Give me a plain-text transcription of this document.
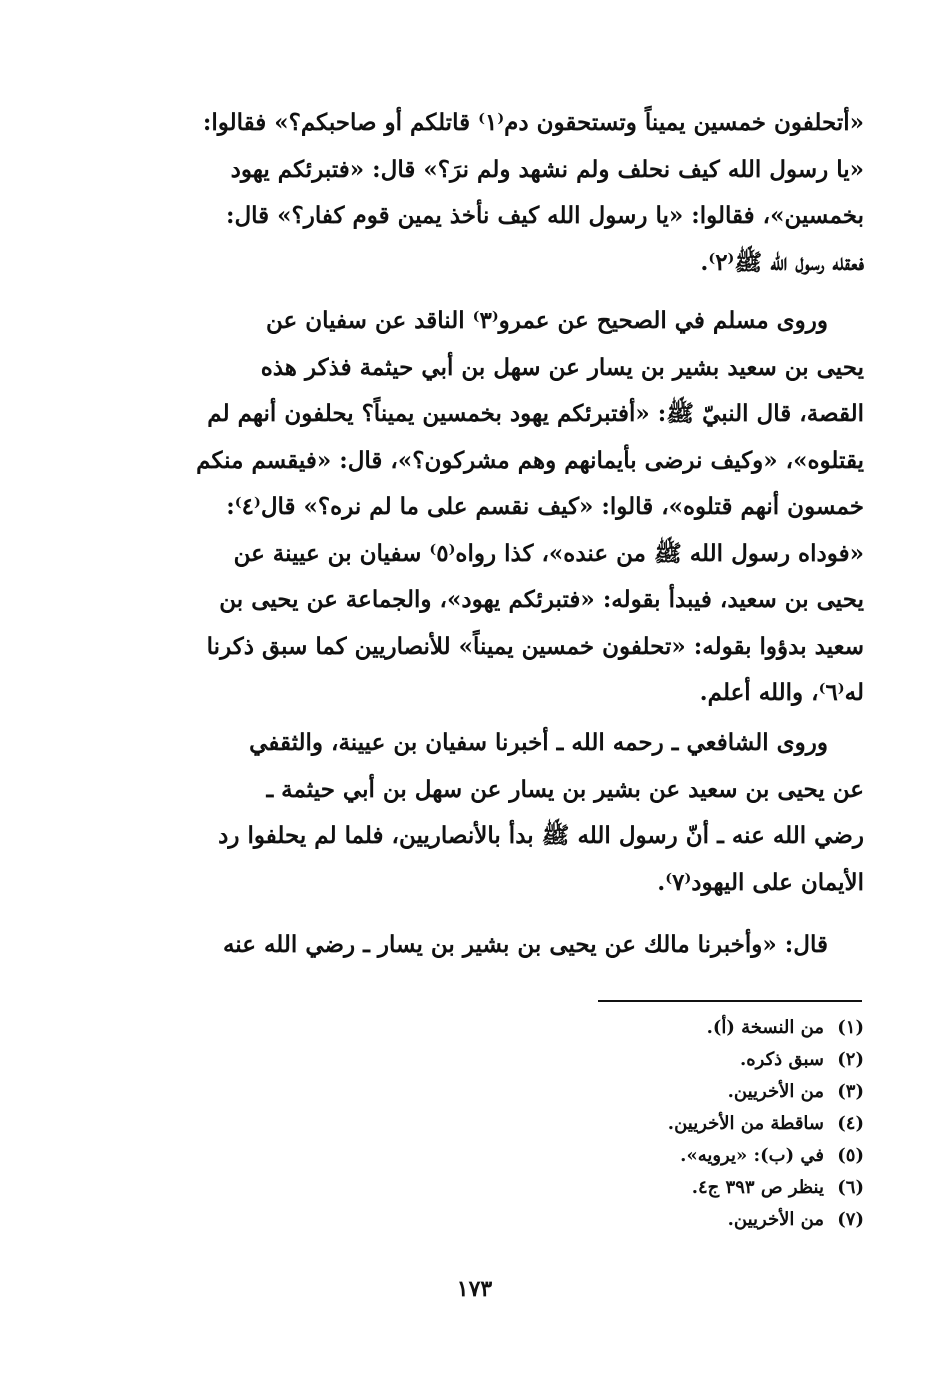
«أتحلفون خمسين يميناً وتستحقون دم⁽١⁾ قاتلكم أو صاحبكم؟» فقالوا:
«يا رسول الله كيف نحلف ولم نشهد ولم نرَ؟» قال: «فتبرئكم يهود
بخمسين»، فقالوا: «يا رسول الله كيف نأخذ يمين قوم كفار؟» قال:
فعقله رسول الله ﷺ⁽٢⁾.
وروى مسلم في الصحيح عن عمرو⁽٣⁾ الناقد عن سفيان عن
يحيى بن سعيد بشير بن يسار عن سهل بن أبي حيثمة فذكر هذه
القصة، قال النبيّ ﷺ: «أفتبرئكم يهود بخمسين يميناً؟ يحلفون أنهم لم
يقتلوه»، «وكيف نرضى بأيمانهم وهم مشركون؟»، قال: «فيقسم منكم
خمسون أنهم قتلوه»، قالوا: «كيف نقسم على ما لم نره؟» قال⁽٤⁾:
«فوداه رسول الله ﷺ من عنده»، كذا رواه⁽٥⁾ سفيان بن عيينة عن
يحيى بن سعيد، فيبدأ بقوله: «فتبرئكم يهود»، والجماعة عن يحيى بن
سعيد بدؤوا بقوله: «تحلفون خمسين يميناً» للأنصاريين كما سبق ذكرنا
له⁽٦⁾، والله أعلم.
وروى الشافعي ـ رحمه الله ـ أخبرنا سفيان بن عيينة، والثقفي
عن يحيى بن سعيد عن بشير بن يسار عن سهل بن أبي حيثمة ـ
رضي الله عنه ـ أنّ رسول الله ﷺ بدأ بالأنصاريين، فلما لم يحلفوا رد
الأيمان على اليهود⁽٧⁾.
قال: «وأخبرنا مالك عن يحيى بن بشير بن يسار ـ رضي الله عنه
(١)من النسخة (أ).
(٢)سبق ذكره.
(٣)من الأخريين.
(٤)ساقطة من الأخريين.
(٥)في (ب): «يرويه».
(٦)ينظر ص ٣٩٣ ج٤.
(٧)من الأخريين.
١٧٣
